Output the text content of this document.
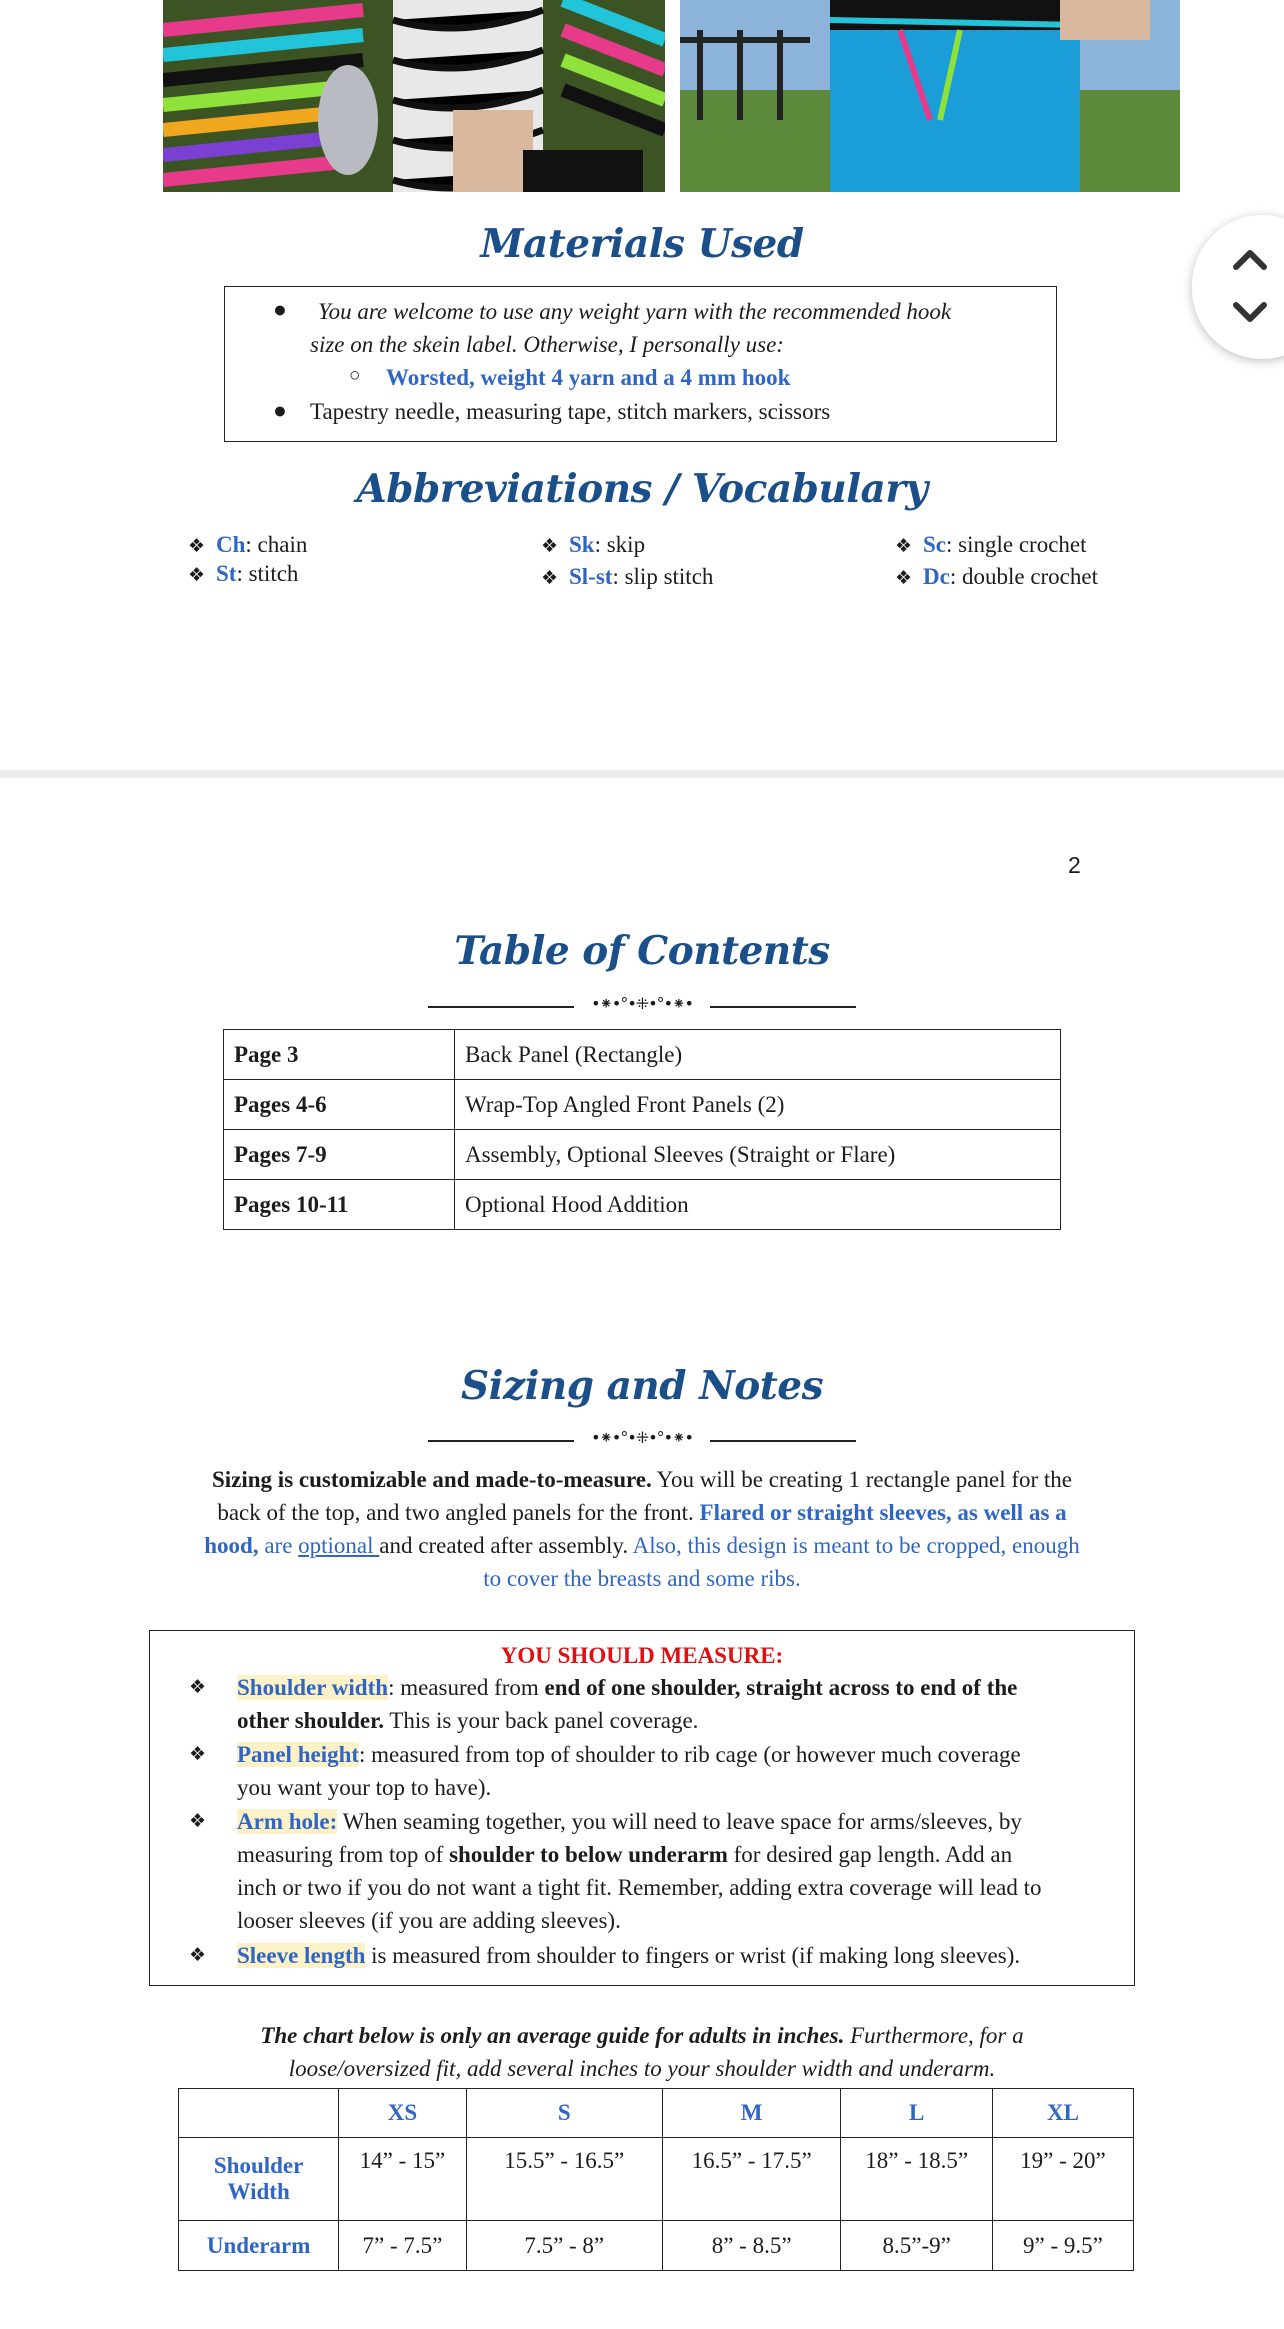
Materials Used
● You are welcome to use any weight yarn with the recommended hook
size on the skein label. Otherwise, I personally use:
○ Worsted, weight 4 yarn and a 4 mm hook
● Tapestry needle, measuring tape, stitch markers, scissors
Abbreviations / Vocabulary
❖ Ch: chain
❖ St: stitch
❖ Sk: skip
❖ Sl-st: slip stitch
❖ Sc: single crochet
❖ Dc: double crochet
2
Table of Contents
•⁕•°•⁜•°•⁕•
Page 3	Back Panel (Rectangle)
Pages 4-6	Wrap-Top Angled Front Panels (2)
Pages 7-9	Assembly, Optional Sleeves (Straight or Flare)
Pages 10-11	Optional Hood Addition
Sizing and Notes
•⁕•°•⁜•°•⁕•
Sizing is customizable and made-to-measure. You will be creating 1 rectangle panel for the
back of the top, and two angled panels for the front. Flared or straight sleeves, as well as a
hood, are optional and created after assembly. Also, this design is meant to be cropped, enough
to cover the breasts and some ribs.
YOU SHOULD MEASURE:
❖ Shoulder width: measured from end of one shoulder, straight across to end of the
other shoulder. This is your back panel coverage.
❖ Panel height: measured from top of shoulder to rib cage (or however much coverage
you want your top to have).
❖ Arm hole: When seaming together, you will need to leave space for arms/sleeves, by
measuring from top of shoulder to below underarm for desired gap length. Add an
inch or two if you do not want a tight fit. Remember, adding extra coverage will lead to
looser sleeves (if you are adding sleeves).
❖ Sleeve length is measured from shoulder to fingers or wrist (if making long sleeves).
The chart below is only an average guide for adults in inches. Furthermore, for a
loose/oversized fit, add several inches to your shoulder width and underarm.
	XS	S	M	L	XL
Shoulder Width	14” - 15”	15.5” - 16.5”	16.5” - 17.5”	18” - 18.5”	19” - 20”
Underarm	7” - 7.5”	7.5” - 8”	8” - 8.5”	8.5”-9”	9” - 9.5”
